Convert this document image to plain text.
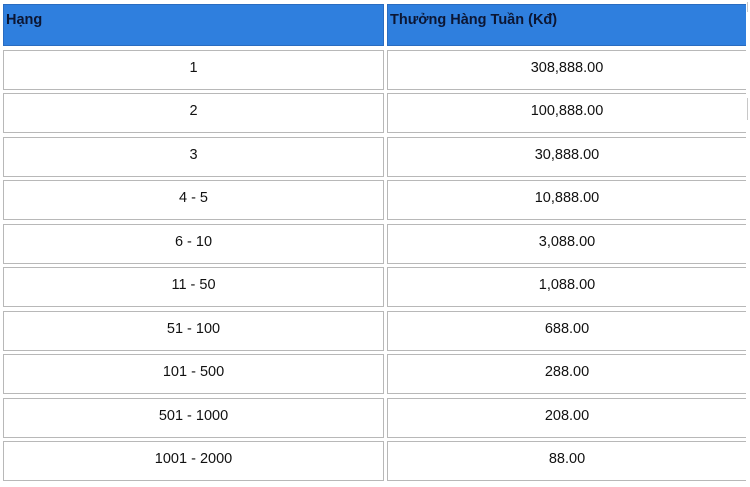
Hạng	Thưởng Hàng Tuần (Kđ)
1	308,888.00
2	100,888.00
3	30,888.00
4 - 5	10,888.00
6 - 10	3,088.00
11 - 50	1,088.00
51 - 100	688.00
101 - 500	288.00
501 - 1000	208.00
1001 - 2000	88.00
